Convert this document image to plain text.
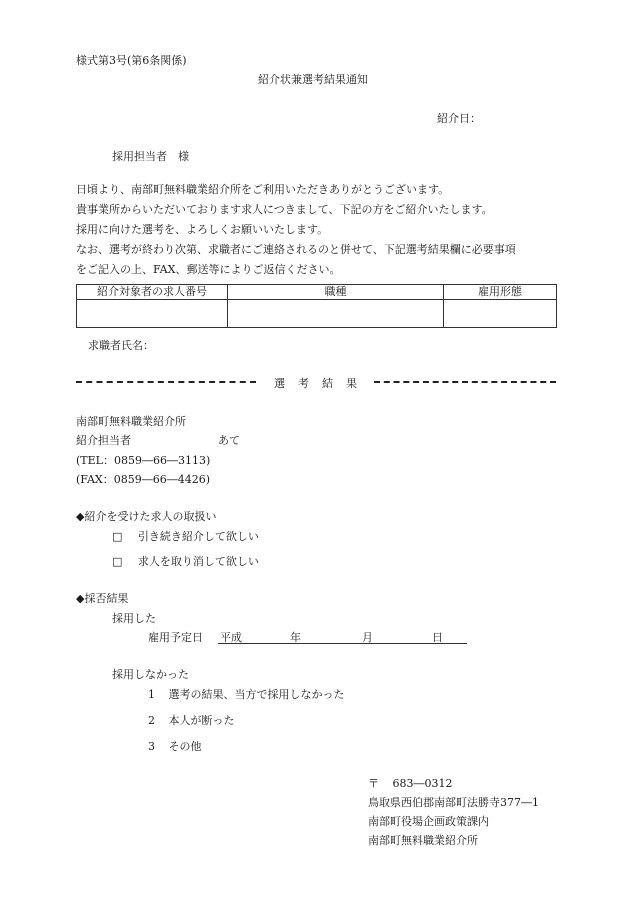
様式第3号(第6条関係)
紹介状兼選考結果通知
紹介日：
採用担当者　様

日頃より、南部町無料職業紹介所をご利用いただきありがとうございます。

貴事業所からいただいております求人につきまして、下記の方をご紹介いたします。

採用に向けた選考を、よろしくお願いいたします。

なお、選考が終わり次第、求職者にご連絡されるのと併せて、下記選考結果欄に必要事項

をご記入の上、FAX、郵送等によりご返信ください。

紹介対象者の求人番号	職種	雇用形態

求職者氏名：
選考結果
南部町無料職業紹介所
紹介担当者	あて
(TEL：0859―66―3113)
(FAX：0859―66―4426)
◆紹介を受けた求人の取扱い
□ 引き続き紹介して欲しい
□ 求人を取り消して欲しい
◆採否結果
採用した
雇用予定日 平成	年	月	日
採用しなかった
1 選考の結果、当方で採用しなかった
2 本人が断った
3 その他
〒 683―0312
鳥取県西伯郡南部町法勝寺377―1
南部町役場企画政策課内
南部町無料職業紹介所
